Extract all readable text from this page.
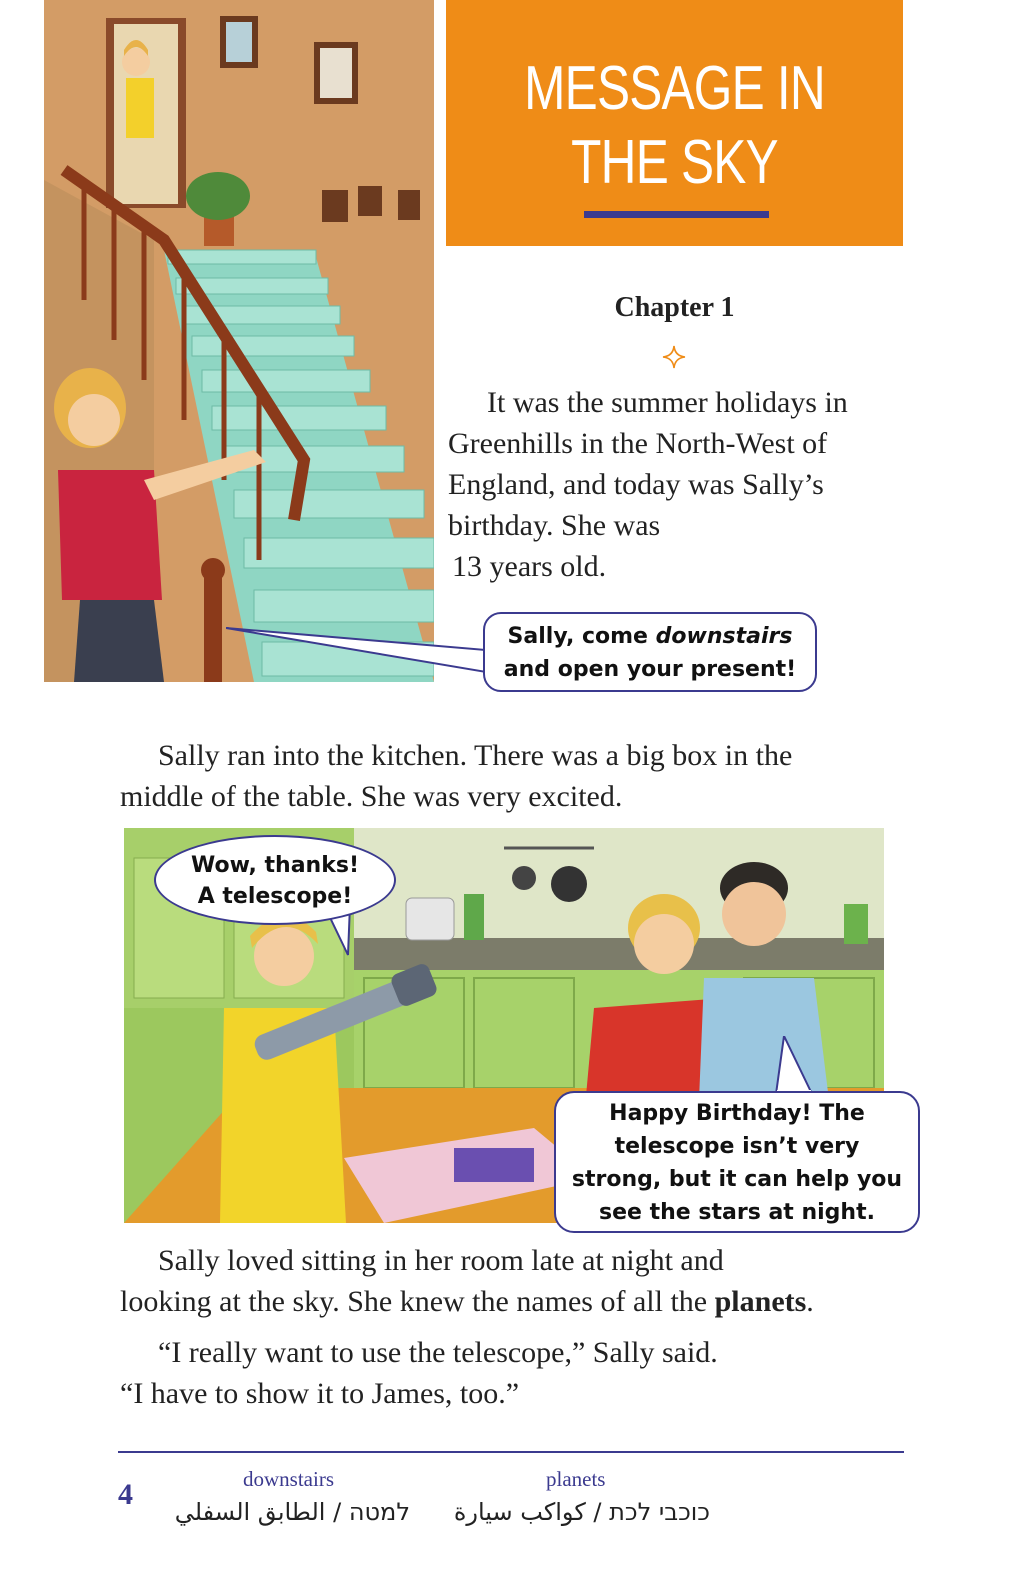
MESSAGE IN
THE SKY
Chapter 1
It was the summer holidays in
Greenhills in the North-West of
England, and today was Sally’s
birthday. She was
13 years old.
Sally, come downstairs
and open your present!
Sally ran into the kitchen. There was a big box in the
middle of the table. She was very excited.
Wow, thanks!
A telescope!
Happy Birthday! The
telescope isn’t very
strong, but it can help you
see the stars at night.
Sally loved sitting in her room late at night and
looking at the sky. She knew the names of all the planets.
“I really want to use the telescope,” Sally said.
“I have to show it to James, too.”
4	downstairs
למטה / الطابق السفلي
planets
כוכבי לכת / كواكب سيارة
